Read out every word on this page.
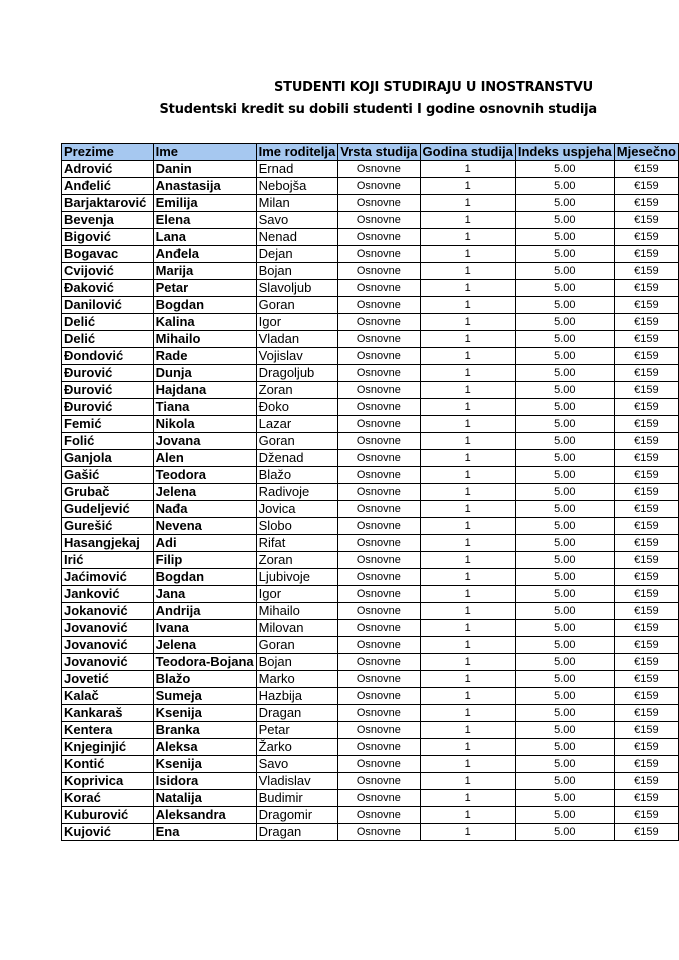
STUDENTI KOJI STUDIRAJU U INOSTRANSTVU
Studentski kredit su dobili studenti I godine osnovnih studija
Prezime	Ime	Ime roditelja	Vrsta studija	Godina studija	Indeks uspjeha	Mjesečno
Adrović	Danin	Ernad	Osnovne	1	5.00	€159
Anđelić	Anastasija	Nebojša	Osnovne	1	5.00	€159
Barjaktarović	Emilija	Milan	Osnovne	1	5.00	€159
Bevenja	Elena	Savo	Osnovne	1	5.00	€159
Bigović	Lana	Nenad	Osnovne	1	5.00	€159
Bogavac	Anđela	Dejan	Osnovne	1	5.00	€159
Cvijović	Marija	Bojan	Osnovne	1	5.00	€159
Đaković	Petar	Slavoljub	Osnovne	1	5.00	€159
Danilović	Bogdan	Goran	Osnovne	1	5.00	€159
Delić	Kalina	Igor	Osnovne	1	5.00	€159
Delić	Mihailo	Vladan	Osnovne	1	5.00	€159
Đondović	Rade	Vojislav	Osnovne	1	5.00	€159
Đurović	Dunja	Dragoljub	Osnovne	1	5.00	€159
Đurović	Hajdana	Zoran	Osnovne	1	5.00	€159
Đurović	Tiana	Đoko	Osnovne	1	5.00	€159
Femić	Nikola	Lazar	Osnovne	1	5.00	€159
Folić	Jovana	Goran	Osnovne	1	5.00	€159
Ganjola	Alen	Dženad	Osnovne	1	5.00	€159
Gašić	Teodora	Blažo	Osnovne	1	5.00	€159
Grubač	Jelena	Radivoje	Osnovne	1	5.00	€159
Gudeljević	Nađa	Jovica	Osnovne	1	5.00	€159
Gurešić	Nevena	Slobo	Osnovne	1	5.00	€159
Hasangjekaj	Adi	Rifat	Osnovne	1	5.00	€159
Irić	Filip	Zoran	Osnovne	1	5.00	€159
Jaćimović	Bogdan	Ljubivoje	Osnovne	1	5.00	€159
Janković	Jana	Igor	Osnovne	1	5.00	€159
Jokanović	Andrija	Mihailo	Osnovne	1	5.00	€159
Jovanović	Ivana	Milovan	Osnovne	1	5.00	€159
Jovanović	Jelena	Goran	Osnovne	1	5.00	€159
Jovanović	Teodora-Bojana	Bojan	Osnovne	1	5.00	€159
Jovetić	Blažo	Marko	Osnovne	1	5.00	€159
Kalač	Sumeja	Hazbija	Osnovne	1	5.00	€159
Kankaraš	Ksenija	Dragan	Osnovne	1	5.00	€159
Kentera	Branka	Petar	Osnovne	1	5.00	€159
Knjeginjić	Aleksa	Žarko	Osnovne	1	5.00	€159
Kontić	Ksenija	Savo	Osnovne	1	5.00	€159
Koprivica	Isidora	Vladislav	Osnovne	1	5.00	€159
Korać	Natalija	Budimir	Osnovne	1	5.00	€159
Kuburović	Aleksandra	Dragomir	Osnovne	1	5.00	€159
Kujović	Ena	Dragan	Osnovne	1	5.00	€159
